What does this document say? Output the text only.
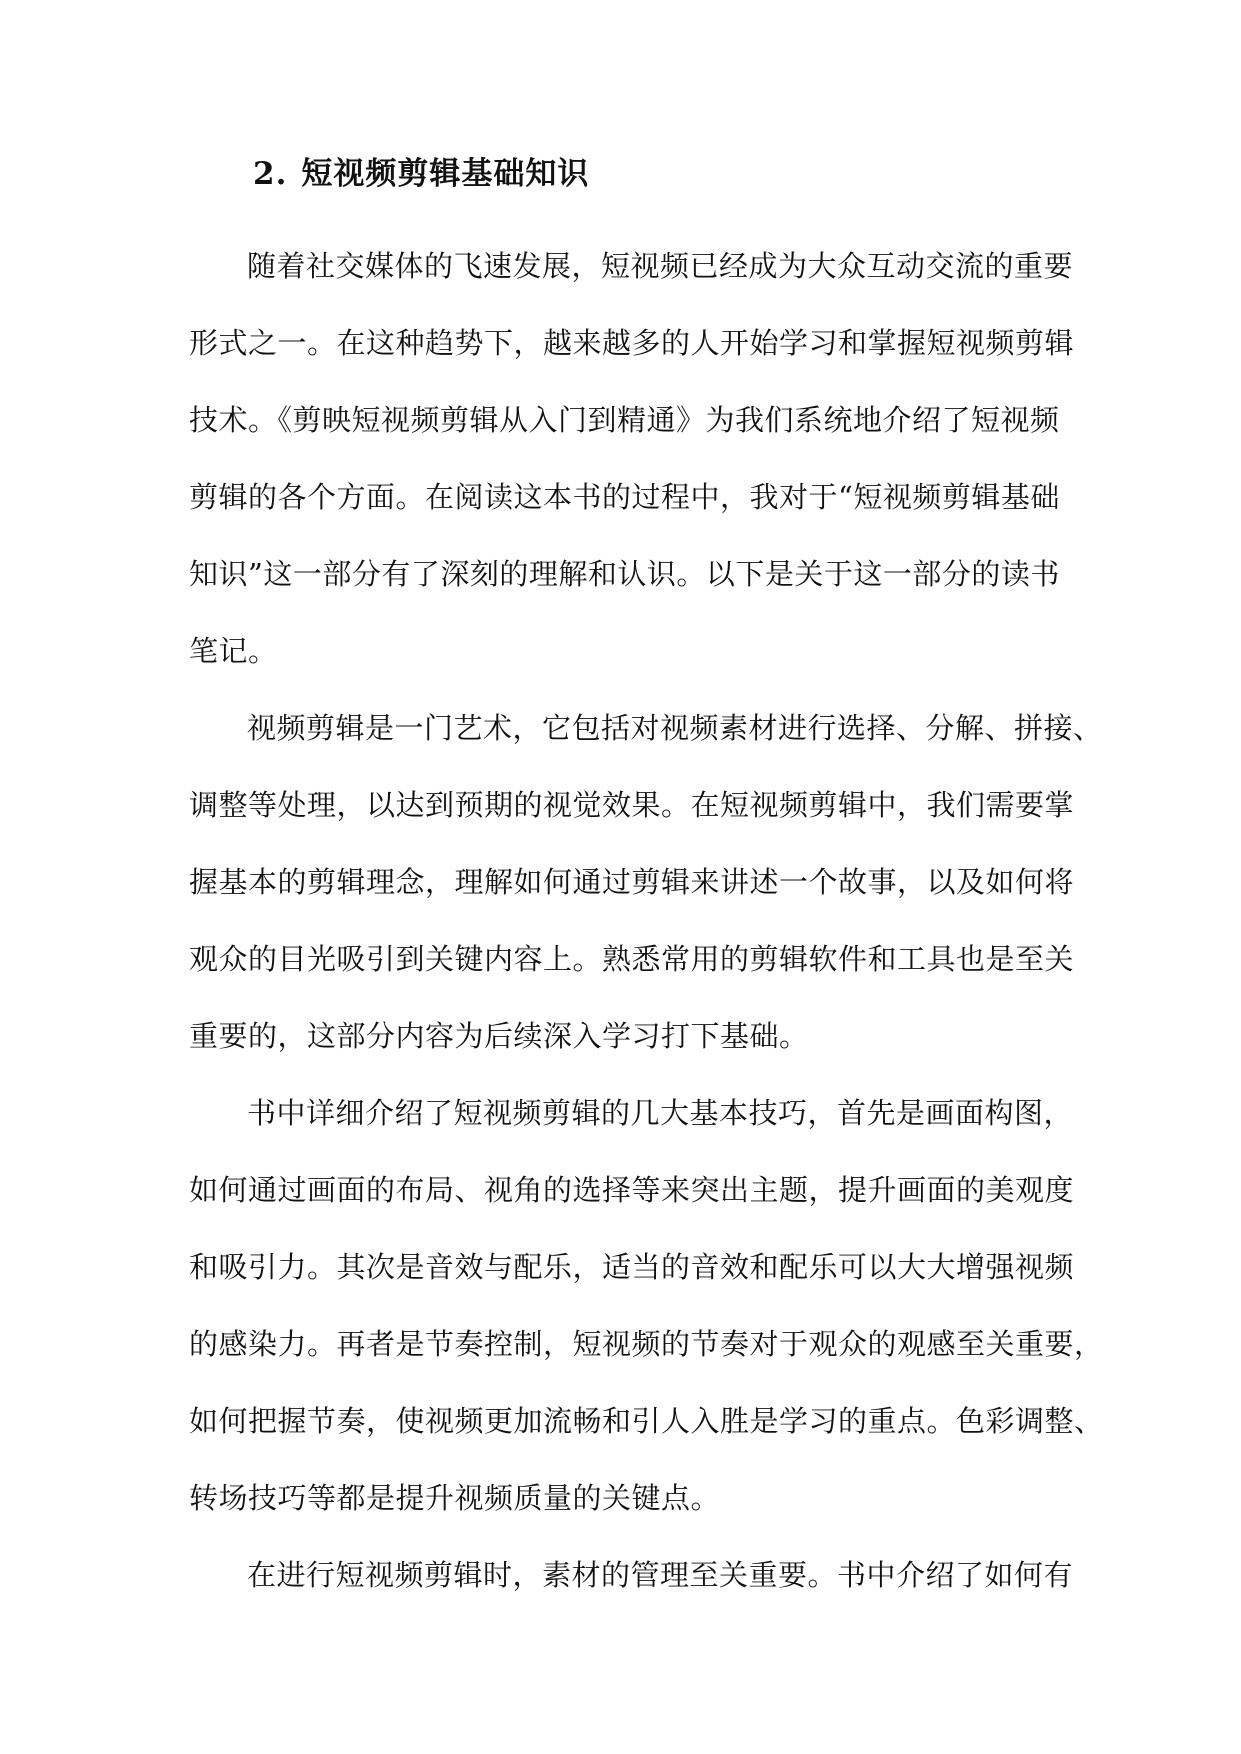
2. 短视频剪辑基础知识

随着社交媒体的飞速发展，短视频已经成为大众互动交流的重要
形式之一。在这种趋势下，越来越多的人开始学习和掌握短视频剪辑
技术。《剪映短视频剪辑从入门到精通》为我们系统地介绍了短视频
剪辑的各个方面。在阅读这本书的过程中，我对于“短视频剪辑基础
知识”这一部分有了深刻的理解和认识。以下是关于这一部分的读书
笔记。

视频剪辑是一门艺术，它包括对视频素材进行选择、分解、拼接、
调整等处理，以达到预期的视觉效果。在短视频剪辑中，我们需要掌
握基本的剪辑理念，理解如何通过剪辑来讲述一个故事，以及如何将
观众的目光吸引到关键内容上。熟悉常用的剪辑软件和工具也是至关
重要的，这部分内容为后续深入学习打下基础。

书中详细介绍了短视频剪辑的几大基本技巧，首先是画面构图，
如何通过画面的布局、视角的选择等来突出主题，提升画面的美观度
和吸引力。其次是音效与配乐，适当的音效和配乐可以大大增强视频
的感染力。再者是节奏控制，短视频的节奏对于观众的观感至关重要，
如何把握节奏，使视频更加流畅和引人入胜是学习的重点。色彩调整、
转场技巧等都是提升视频质量的关键点。

在进行短视频剪辑时，素材的管理至关重要。书中介绍了如何有
